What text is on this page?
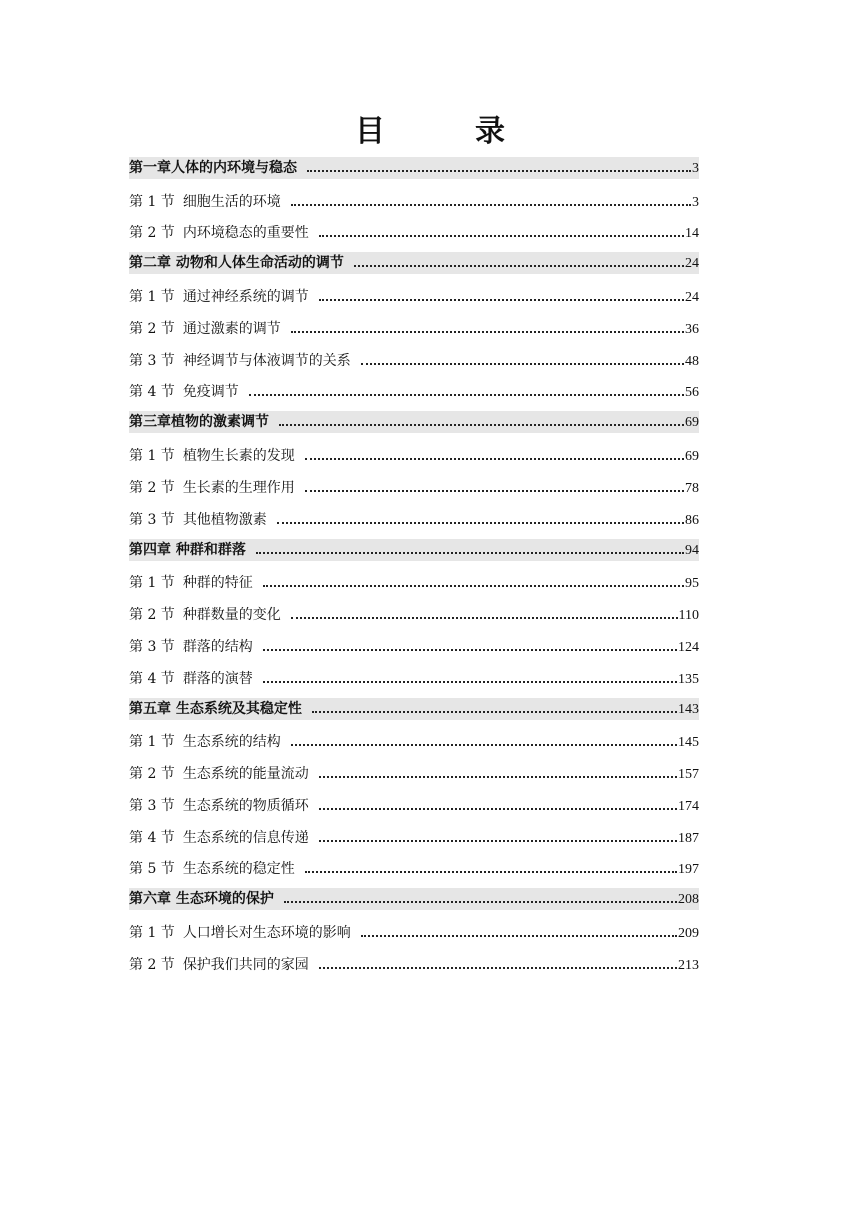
目　录
第一章人体的内环境与稳态	3
第 1 节 细胞生活的环境	3
第 2 节 内环境稳态的重要性	14
第二章 动物和人体生命活动的调节	24
第 1 节 通过神经系统的调节	24
第 2 节 通过激素的调节	36
第 3 节 神经调节与体液调节的关系	48
第 4 节 免疫调节	56
第三章植物的激素调节	69
第 1 节 植物生长素的发现	69
第 2 节 生长素的生理作用	78
第 3 节 其他植物激素	86
第四章 种群和群落	94
第 1 节 种群的特征	95
第 2 节 种群数量的变化	110
第 3 节 群落的结构	124
第 4 节 群落的演替	135
第五章 生态系统及其稳定性	143
第 1 节 生态系统的结构	145
第 2 节 生态系统的能量流动	157
第 3 节 生态系统的物质循环	174
第 4 节 生态系统的信息传递	187
第 5 节 生态系统的稳定性	197
第六章 生态环境的保护	208
第 1 节 人口增长对生态环境的影响	209
第 2 节 保护我们共同的家园	213
